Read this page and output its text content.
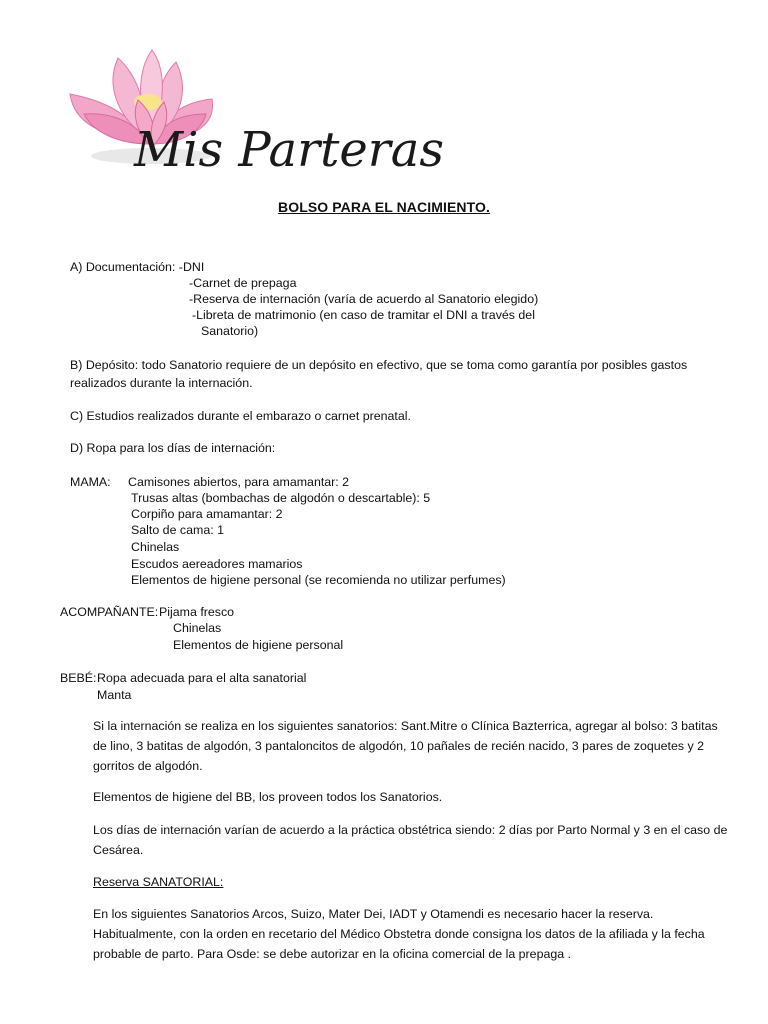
Mis Parteras
BOLSO PARA EL NACIMIENTO.
A) Documentación: -DNI
-Carnet de prepaga
-Reserva de internación (varía de acuerdo al Sanatorio elegido)
-Libreta de matrimonio (en caso de tramitar el DNI a través del
Sanatorio)
B) Depósito: todo Sanatorio requiere de un depósito en efectivo, que se toma como garantía por posibles gastos realizados durante la internación.
C) Estudios realizados durante el embarazo o carnet prenatal.
D) Ropa para los días de internación:
MAMA: Camisones abiertos, para amamantar: 2
Trusas altas (bombachas de algodón o descartable): 5
Corpiño para amamantar: 2
Salto de cama: 1
Chinelas
Escudos aereadores mamarios
Elementos de higiene personal (se recomienda no utilizar perfumes)
ACOMPAÑANTE: Pijama fresco
Chinelas
Elementos de higiene personal
BEBÉ: Ropa adecuada para el alta sanatorial
Manta
Si la internación se realiza en los siguientes sanatorios: Sant.Mitre o Clínica Bazterrica, agregar al bolso: 3 batitas de lino, 3 batitas de algodón, 3 pantaloncitos de algodón, 10 pañales de recién nacido, 3 pares de zoquetes y 2 gorritos de algodón.
Elementos de higiene del BB, los proveen todos los Sanatorios.
Los días de internación varían de acuerdo a la práctica obstétrica siendo: 2 días por Parto Normal y 3 en el caso de Cesárea.
Reserva SANATORIAL:
En los siguientes Sanatorios Arcos, Suizo, Mater Dei, IADT y Otamendi es necesario hacer la reserva. Habitualmente, con la orden en recetario del Médico Obstetra donde consigna los datos de la afiliada y la fecha probable de parto. Para Osde: se debe autorizar en la oficina comercial de la prepaga .
